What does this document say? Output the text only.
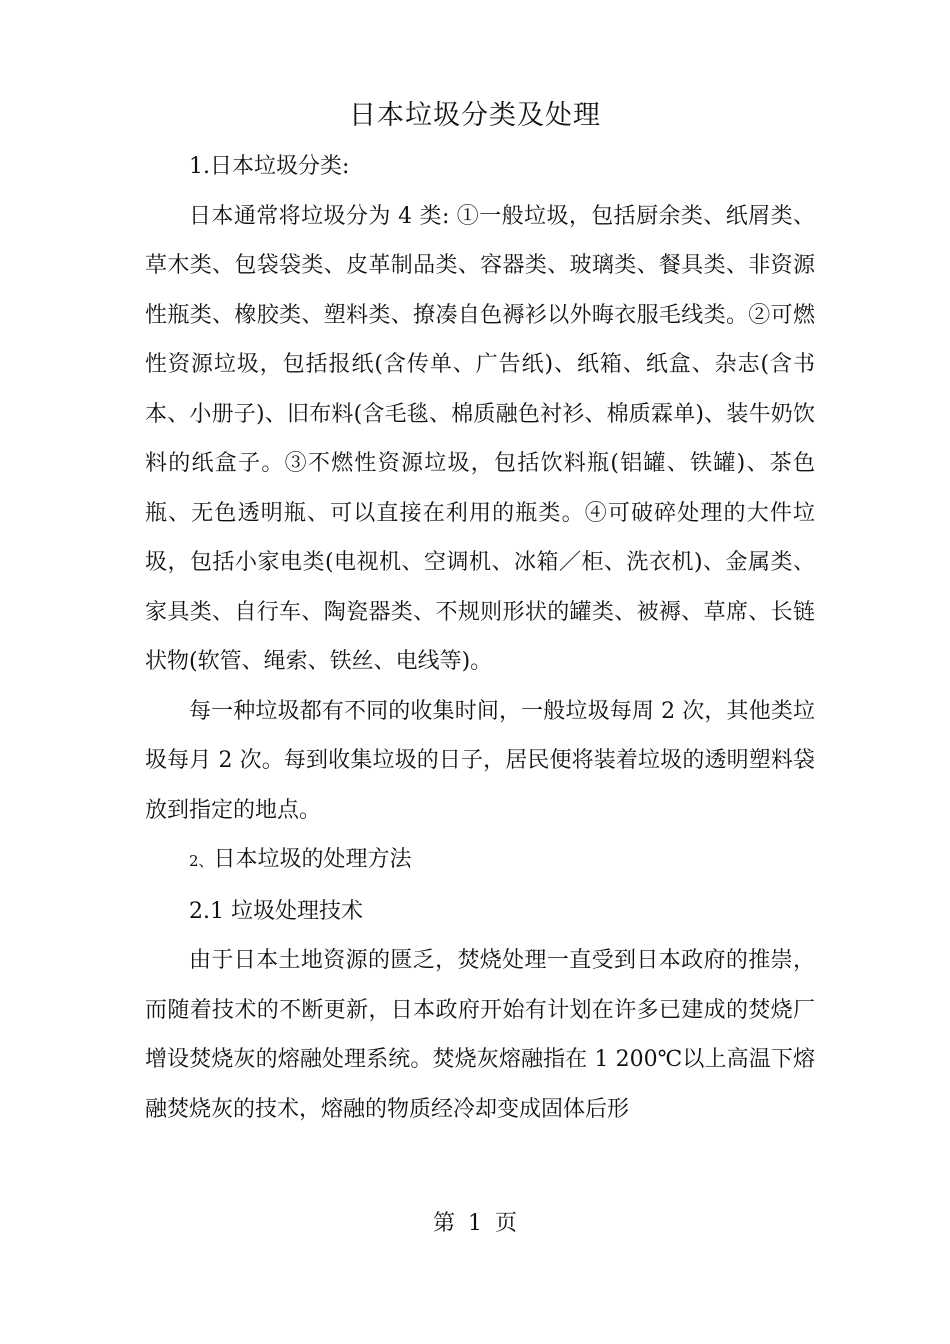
日本垃圾分类及处理

1.日本垃圾分类:

日本通常将垃圾分为 4 类: ①一般垃圾，包括厨余类、纸屑类、草木类、包袋袋类、皮革制品类、容器类、玻璃类、餐具类、非资源性瓶类、橡胶类、塑料类、撩凑自色褥衫以外晦衣服毛线类。②可燃性资源垃圾，包括报纸(含传单、广告纸)、纸箱、纸盒、杂志(含书本、小册子)、旧布料(含毛毯、棉质融色衬衫、棉质霖单)、装牛奶饮料的纸盒子。③不燃性资源垃圾，包括饮料瓶(铝罐、铁罐)、茶色瓶、无色透明瓶、可以直接在利用的瓶类。④可破碎处理的大件垃圾，包括小家电类(电视机、空调机、冰箱／柜、洗衣机)、金属类、家具类、自行车、陶瓷器类、不规则形状的罐类、被褥、草席、长链状物(软管、绳索、铁丝、电线等)。

每一种垃圾都有不同的收集时间，一般垃圾每周 2 次，其他类垃圾每月 2 次。每到收集垃圾的日子，居民便将装着垃圾的透明塑料袋放到指定的地点。

2、日本垃圾的处理方法

2.1 垃圾处理技术

由于日本土地资源的匮乏，焚烧处理一直受到日本政府的推崇，而随着技术的不断更新，日本政府开始有计划在许多已建成的焚烧厂增设焚烧灰的熔融处理系统。焚烧灰熔融指在 1 200℃以上高温下熔融焚烧灰的技术，熔融的物质经冷却变成固体后形

第 1 页
